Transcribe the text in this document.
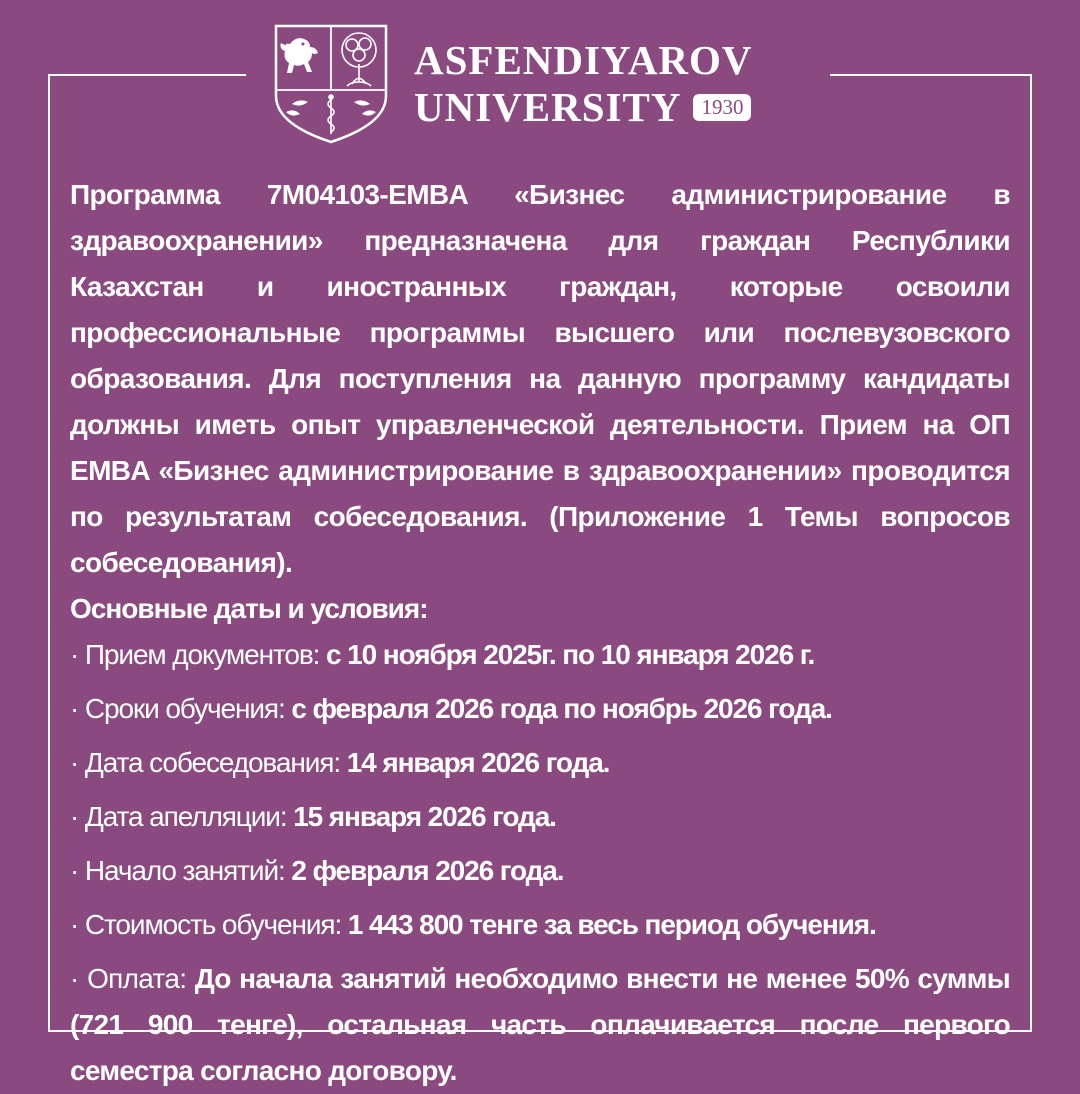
ASFENDIYAROV
UNIVERSITY 1930

Программа 7M04103-EMBA «Бизнес администрирование в здравоохранении» предназначена для граждан Республики Казахстан и иностранных граждан, которые освоили профессиональные программы высшего или послевузовского образования. Для поступления на данную программу кандидаты должны иметь опыт управленческой деятельности. Прием на ОП EMBA «Бизнес администрирование в здравоохранении» проводится по результатам собеседования. (Приложение 1 Темы вопросов собеседования).

Основные даты и условия:

· Прием документов: с 10 ноября 2025г. по 10 января 2026 г.
· Сроки обучения: с февраля 2026 года по ноябрь 2026 года.
· Дата собеседования: 14 января 2026 года.
· Дата апелляции: 15 января 2026 года.
· Начало занятий: 2 февраля 2026 года.
· Стоимость обучения: 1 443 800 тенге за весь период обучения.
· Оплата: До начала занятий необходимо внести не менее 50% суммы (721 900 тенге), остальная часть оплачивается после первого семестра согласно договору.
